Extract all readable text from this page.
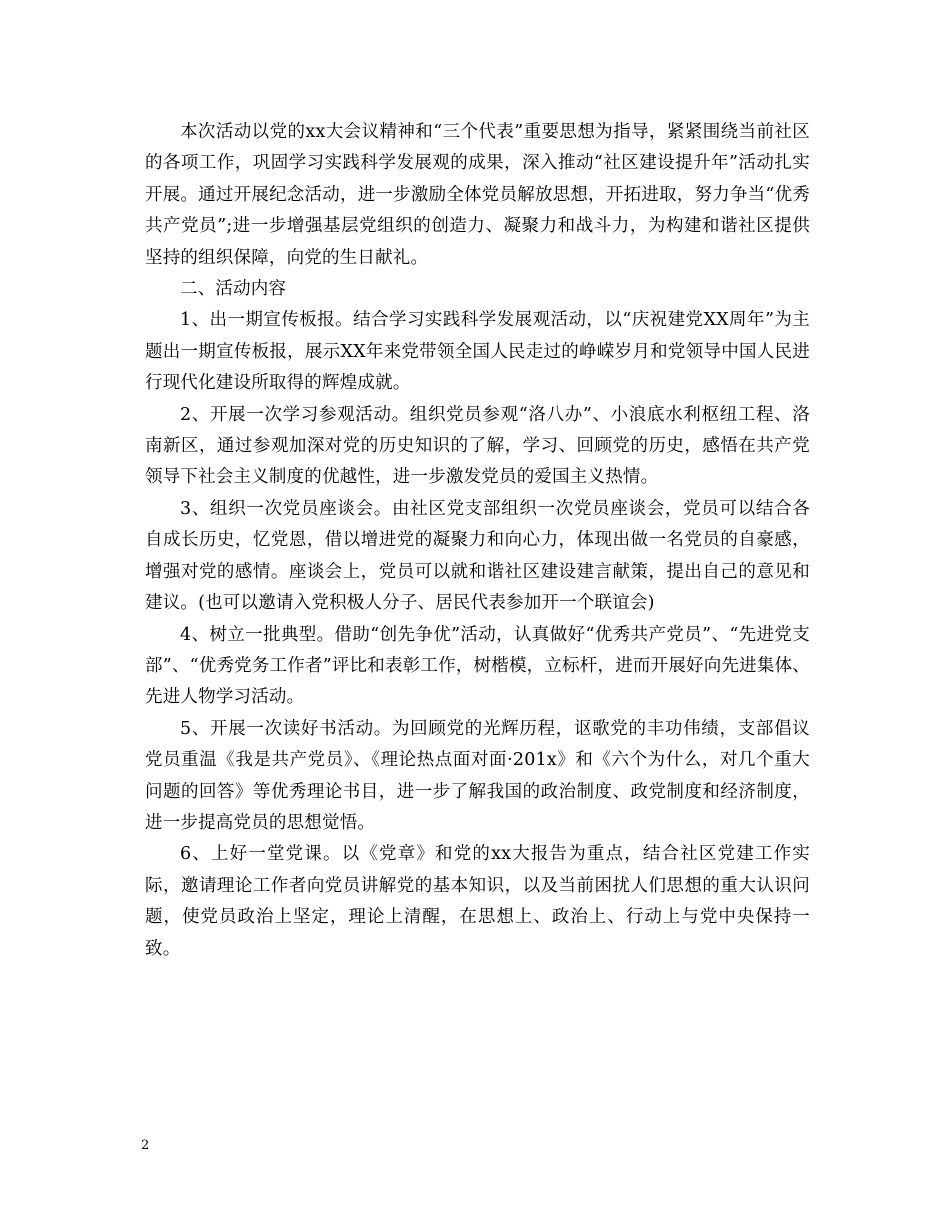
本次活动以党的xx大会议精神和“三个代表”重要思想为指导，紧紧围绕当前社区的各项工作，巩固学习实践科学发展观的成果，深入推动“社区建设提升年”活动扎实开展。通过开展纪念活动，进一步激励全体党员解放思想，开拓进取，努力争当“优秀共产党员”;进一步增强基层党组织的创造力、凝聚力和战斗力，为构建和谐社区提供坚持的组织保障，向党的生日献礼。

二、活动内容

1、出一期宣传板报。结合学习实践科学发展观活动，以“庆祝建党XX周年”为主题出一期宣传板报，展示XX年来党带领全国人民走过的峥嵘岁月和党领导中国人民进行现代化建设所取得的辉煌成就。

2、开展一次学习参观活动。组织党员参观“洛八办”、小浪底水利枢纽工程、洛南新区，通过参观加深对党的历史知识的了解，学习、回顾党的历史，感悟在共产党领导下社会主义制度的优越性，进一步激发党员的爱国主义热情。

3、组织一次党员座谈会。由社区党支部组织一次党员座谈会，党员可以结合各自成长历史，忆党恩，借以增进党的凝聚力和向心力，体现出做一名党员的自豪感，增强对党的感情。座谈会上，党员可以就和谐社区建设建言献策，提出自己的意见和建议。(也可以邀请入党积极人分子、居民代表参加开一个联谊会)

4、树立一批典型。借助“创先争优”活动，认真做好“优秀共产党员”、“先进党支部”、“优秀党务工作者”评比和表彰工作，树楷模，立标杆，进而开展好向先进集体、先进人物学习活动。

5、开展一次读好书活动。为回顾党的光辉历程，讴歌党的丰功伟绩，支部倡议党员重温《我是共产党员》、《理论热点面对面·201x》和《六个为什么，对几个重大问题的回答》等优秀理论书目，进一步了解我国的政治制度、政党制度和经济制度，进一步提高党员的思想觉悟。

6、上好一堂党课。以《党章》和党的xx大报告为重点，结合社区党建工作实际，邀请理论工作者向党员讲解党的基本知识，以及当前困扰人们思想的重大认识问题，使党员政治上坚定，理论上清醒，在思想上、政治上、行动上与党中央保持一致。

2
